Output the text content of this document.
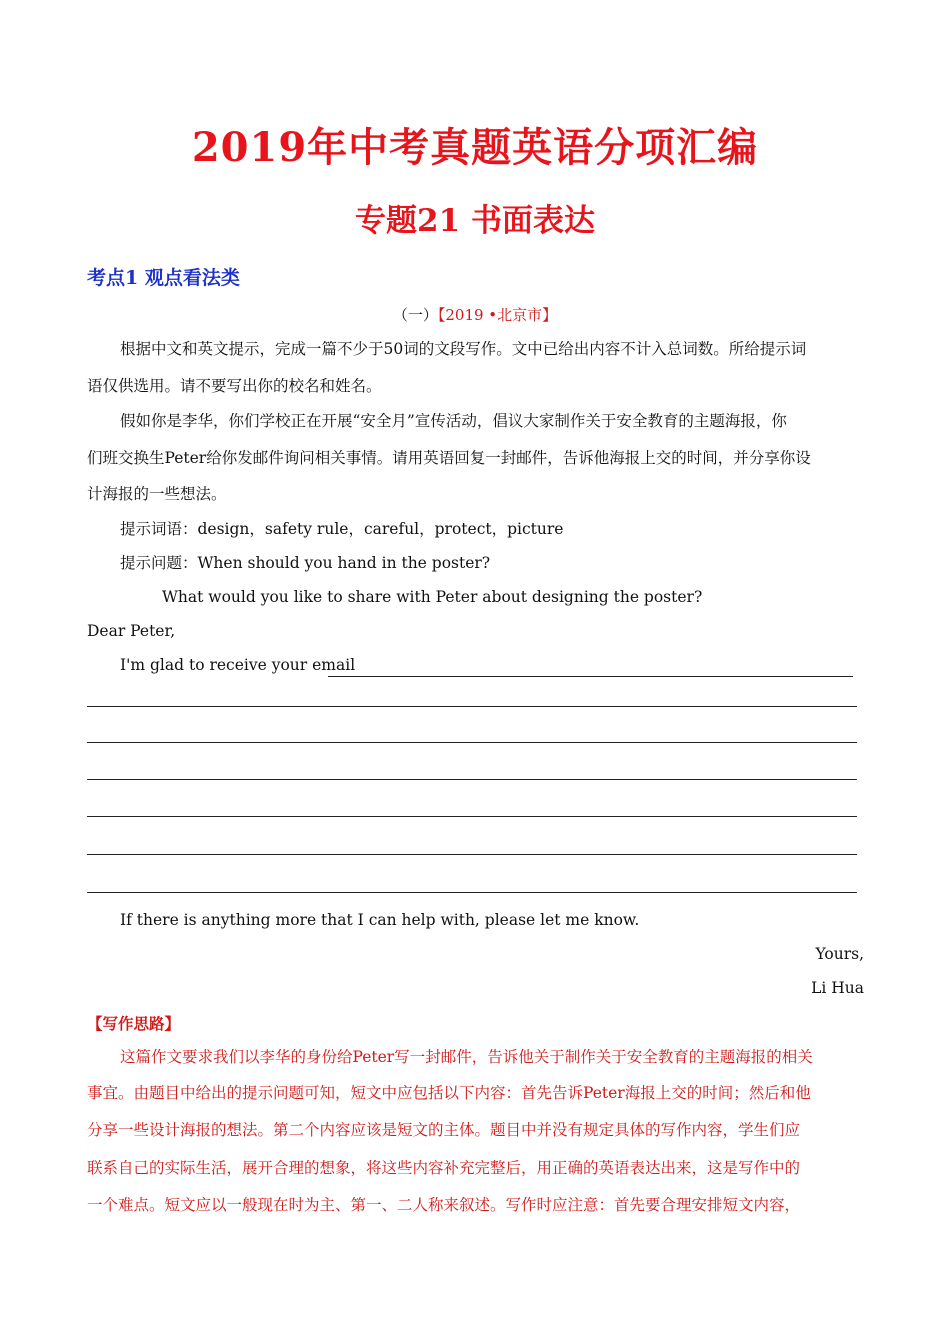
2019年中考真题英语分项汇编
专题21 书面表达
考点1 观点看法类
（一）【2019 •北京市】
根据中文和英文提示，完成一篇不少于50词的文段写作。文中已给出内容不计入总词数。所给提示词
语仅供选用。请不要写出你的校名和姓名。
假如你是李华，你们学校正在开展“安全月”宣传活动，倡议大家制作关于安全教育的主题海报，你
们班交换生Peter给你发邮件询问相关事情。请用英语回复一封邮件，告诉他海报上交的时间，并分享你设
计海报的一些想法。
提示词语：design，safety rule，careful，protect，picture
提示问题：When should you hand in the poster?
What would you like to share with Peter about designing the poster?
Dear Peter,
I'm glad to receive your email
If there is anything more that I can help with, please let me know.
Yours,
Li Hua
【写作思路】
这篇作文要求我们以李华的身份给Peter写一封邮件，告诉他关于制作关于安全教育的主题海报的相关
事宜。由题目中给出的提示问题可知，短文中应包括以下内容：首先告诉Peter海报上交的时间；然后和他
分享一些设计海报的想法。第二个内容应该是短文的主体。题目中并没有规定具体的写作内容，学生们应
联系自己的实际生活，展开合理的想象，将这些内容补充完整后，用正确的英语表达出来，这是写作中的
一个难点。短文应以一般现在时为主、第一、二人称来叙述。写作时应注意：首先要合理安排短文内容，
